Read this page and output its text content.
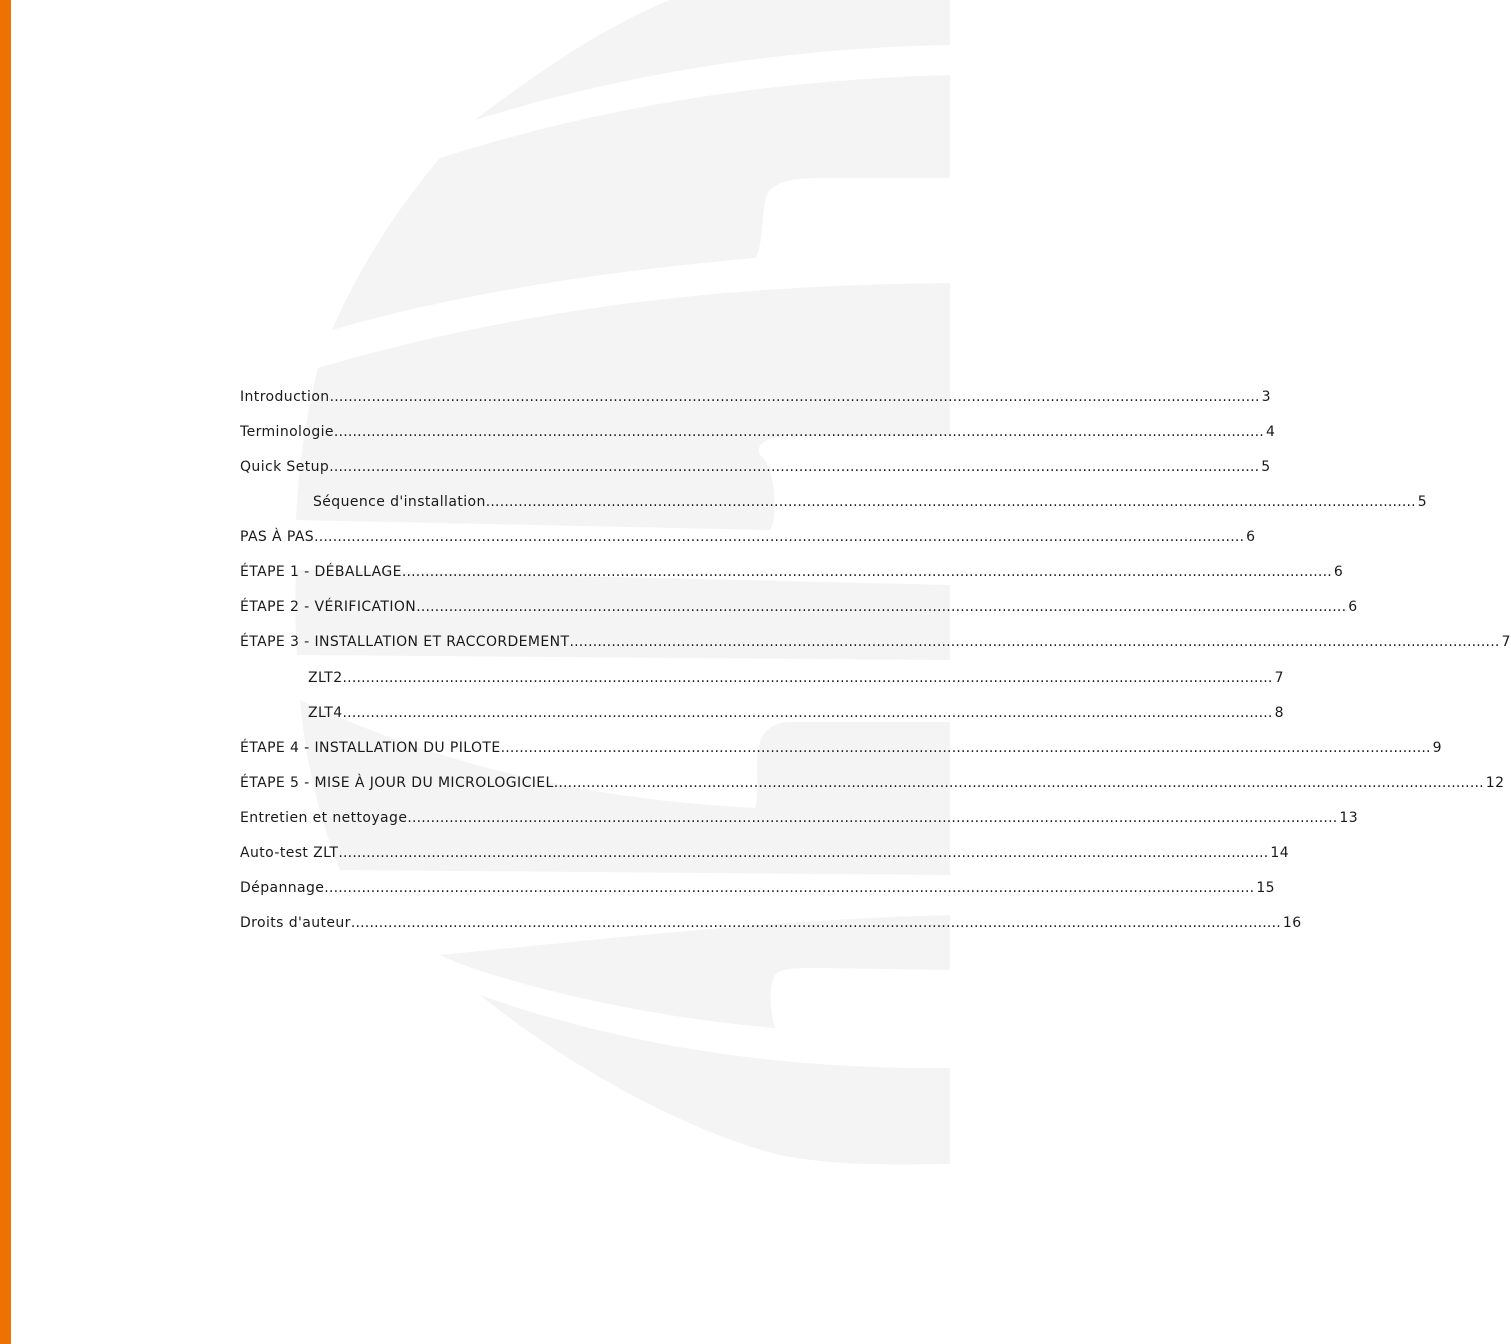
Introduction ........................................................................................................................................................................................................ 3
Terminologie ........................................................................................................................................................................................................ 4
Quick Setup ........................................................................................................................................................................................................ 5
Séquence d'installation ........................................................................................................................................................................................................ 5
PAS À PAS ........................................................................................................................................................................................................ 6
ÉTAPE 1 - DÉBALLAGE ........................................................................................................................................................................................................ 6
ÉTAPE 2 - VÉRIFICATION ........................................................................................................................................................................................................ 6
ÉTAPE 3 - INSTALLATION ET RACCORDEMENT ........................................................................................................................................................................................................ 7
ZLT2 ........................................................................................................................................................................................................ 7
ZLT4 ........................................................................................................................................................................................................ 8
ÉTAPE 4 - INSTALLATION DU PILOTE ........................................................................................................................................................................................................ 9
ÉTAPE 5 - MISE À JOUR DU MICROLOGICIEL ........................................................................................................................................................................................................ 12
Entretien et nettoyage ........................................................................................................................................................................................................ 13
Auto-test ZLT ........................................................................................................................................................................................................ 14
Dépannage ........................................................................................................................................................................................................ 15
Droits d'auteur ........................................................................................................................................................................................................ 16
